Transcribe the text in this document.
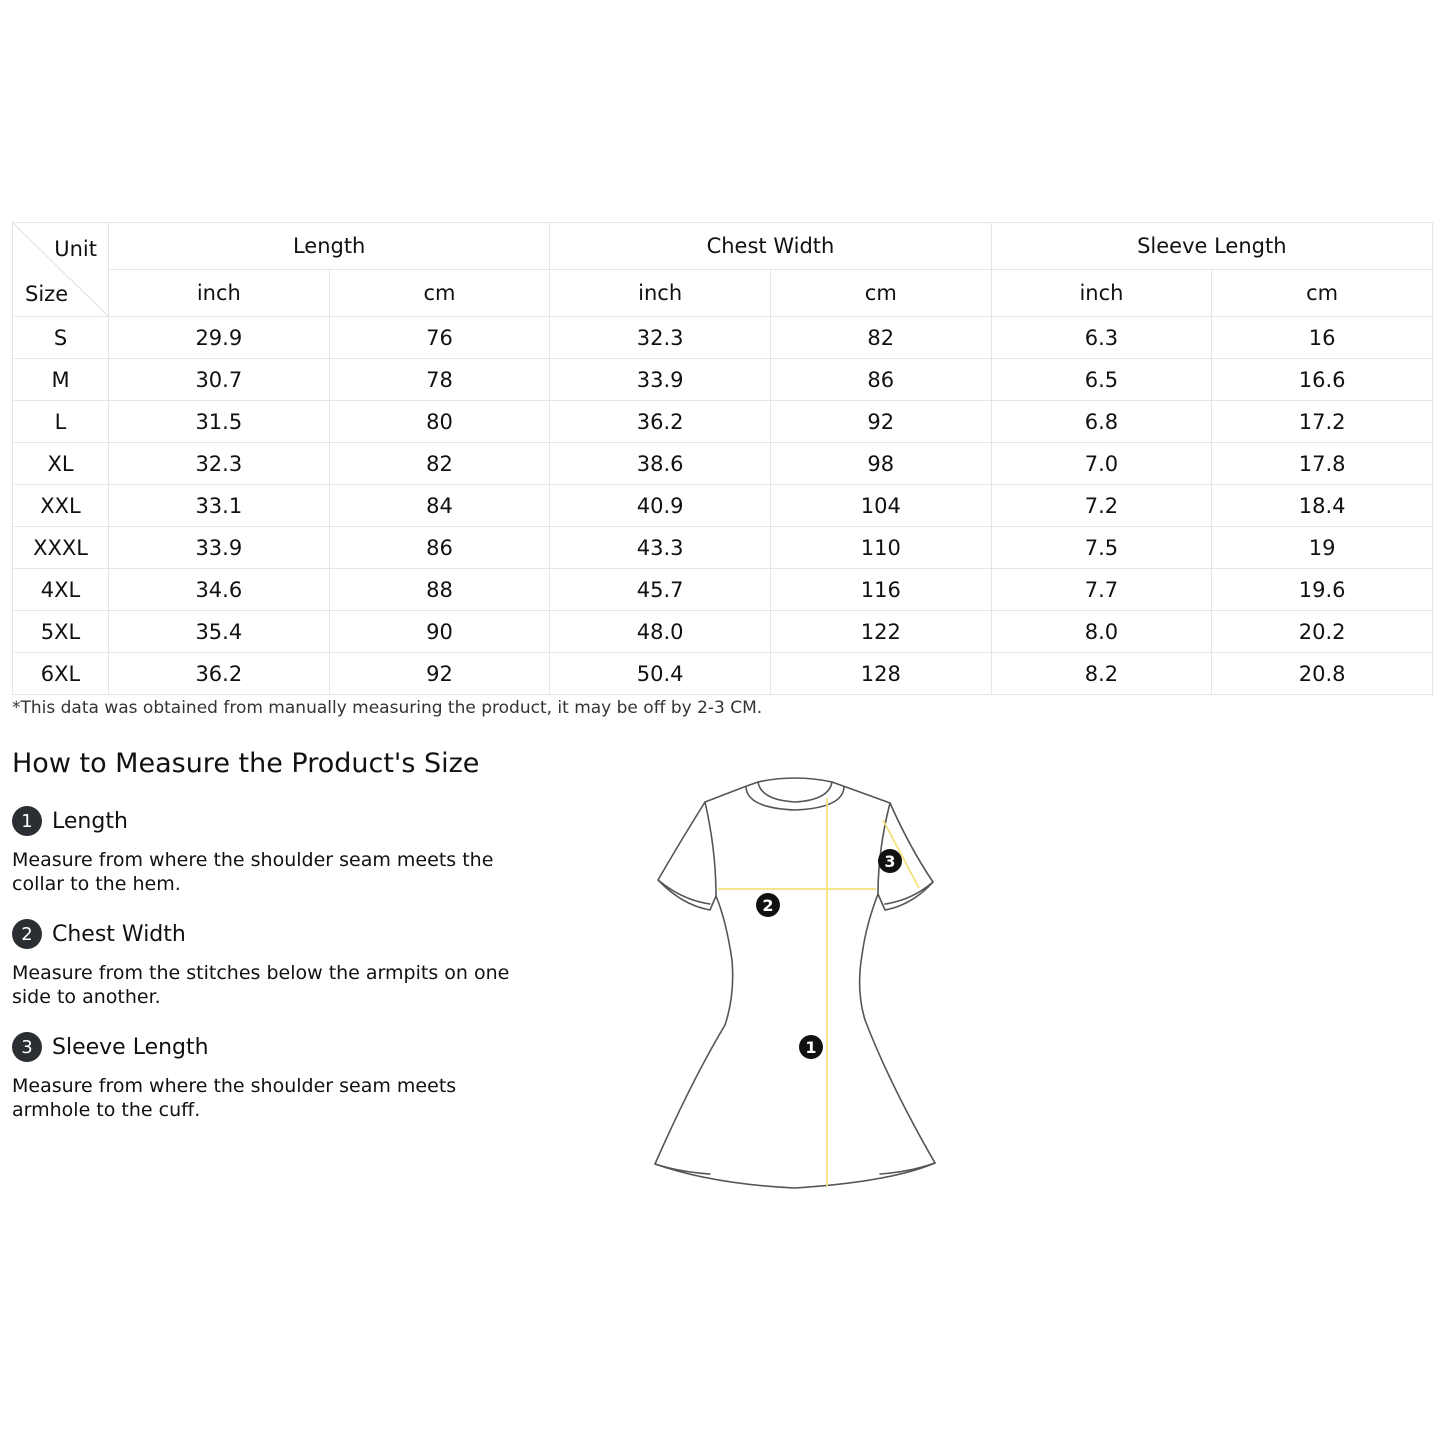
Unit
Size	Length		Chest Width		Sleeve Length	
	inch	cm	inch	cm	inch	cm
S	29.9	76	32.3	82	6.3	16
M	30.7	78	33.9	86	6.5	16.6
L	31.5	80	36.2	92	6.8	17.2
XL	32.3	82	38.6	98	7.0	17.8
XXL	33.1	84	40.9	104	7.2	18.4
XXXL	33.9	86	43.3	110	7.5	19
4XL	34.6	88	45.7	116	7.7	19.6
5XL	35.4	90	48.0	122	8.0	20.2
6XL	36.2	92	50.4	128	8.2	20.8
*This data was obtained from manually measuring the product, it may be off by 2-3 CM.
How to Measure the Product's Size
1 Length
Measure from where the shoulder seam meets the collar to the hem.
2 Chest Width
Measure from the stitches below the armpits on one side to another.
3 Sleeve Length
Measure from where the shoulder seam meets armhole to the cuff.
1
2
3
